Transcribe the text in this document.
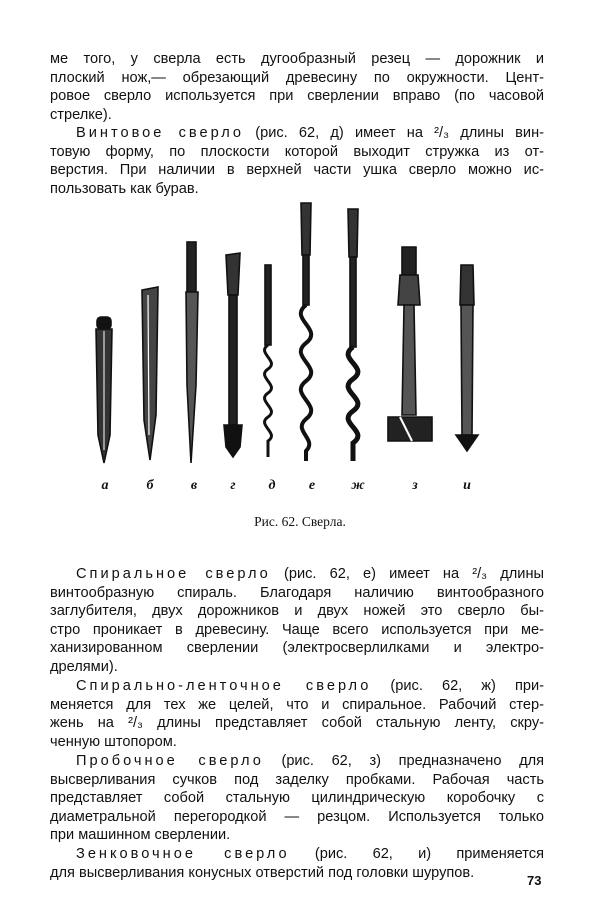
ме того, у сверла есть дугообразный резец — дорожник и
плоский нож,— обрезающий древесину по окружности. Цент-
ровое сверло используется при сверлении вправо (по часовой
стрелке).
Винтовое сверло (рис. 62, д) имеет на ²/₃ длины вин-
товую форму, по плоскости которой выходит стружка из от-
верстия. При наличии в верхней части ушка сверло можно ис-
пользовать как бурав.
а	б	в	г	д	е	ж	з	и
Рис. 62. Сверла.
Спиральное сверло (рис. 62, е) имеет на ²/₃ длины
винтообразную спираль. Благодаря наличию винтообразного
заглубителя, двух дорожников и двух ножей это сверло бы-
стро проникает в древесину. Чаще всего используется при ме-
ханизированном сверлении (электросверлилками и электро-
дрелями).
Спирально-ленточное сверло (рис. 62, ж) при-
меняется для тех же целей, что и спиральное. Рабочий стер-
жень на ²/₃ длины представляет собой стальную ленту, скру-
ченную штопором.
Пробочное сверло (рис. 62, з) предназначено для
высверливания сучков под заделку пробками. Рабочая часть
представляет собой стальную цилиндрическую коробочку с
диаметральной перегородкой — резцом. Используется только
при машинном сверлении.
Зенковочное сверло (рис. 62, и) применяется
для высверливания конусных отверстий под головки шурупов.	73
